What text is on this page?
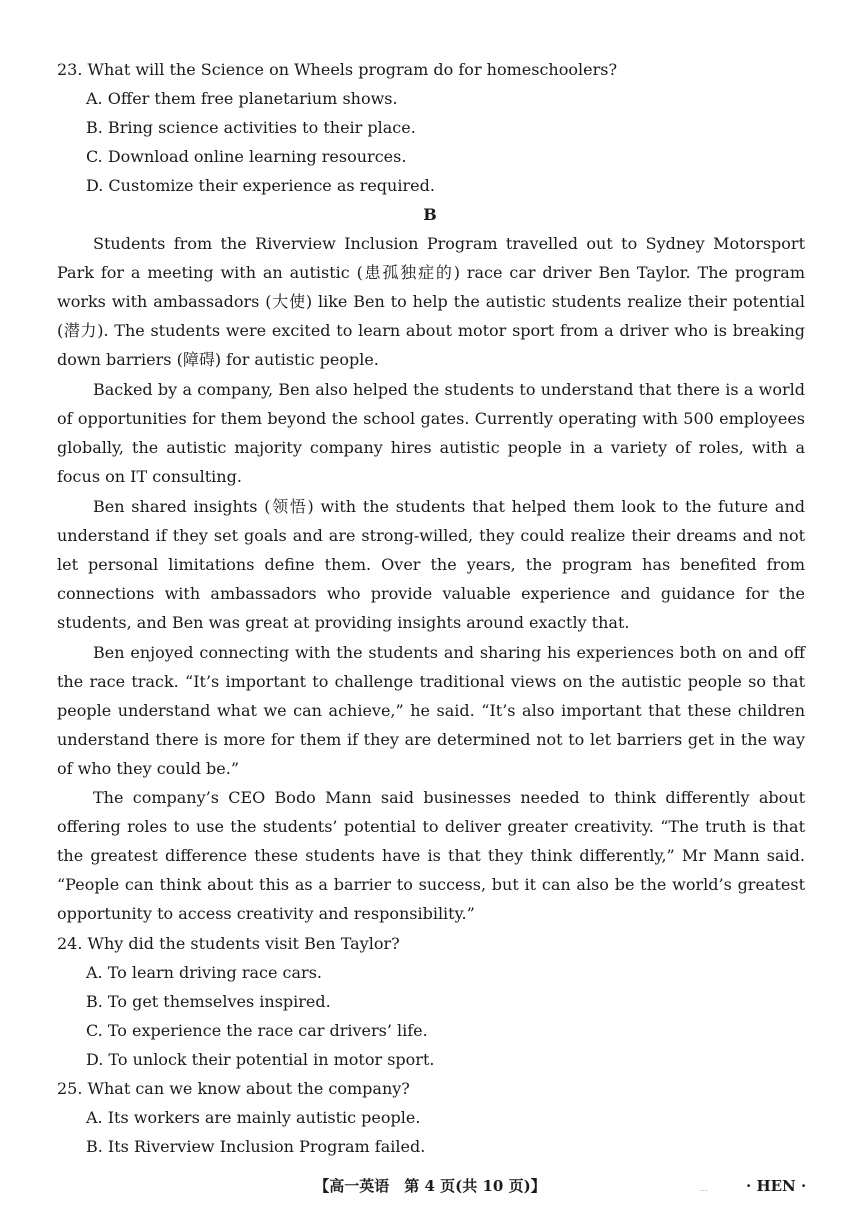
23. What will the Science on Wheels program do for homeschoolers?
A. Offer them free planetarium shows.
B. Bring science activities to their place.
C. Download online learning resources.
D. Customize their experience as required.
B

Students from the Riverview Inclusion Program travelled out to Sydney Motorsport Park for a meeting with an autistic (患孤独症的) race car driver Ben Taylor. The program works with ambassadors (大使) like Ben to help the autistic students realize their potential (潜力). The students were excited to learn about motor sport from a driver who is breaking down barriers (障碍) for autistic people.

Backed by a company, Ben also helped the students to understand that there is a world of opportunities for them beyond the school gates. Currently operating with 500 employees globally, the autistic majority company hires autistic people in a variety of roles, with a focus on IT consulting.

Ben shared insights (领悟) with the students that helped them look to the future and understand if they set goals and are strong-willed, they could realize their dreams and not let personal limitations define them. Over the years, the program has benefited from connections with ambassadors who provide valuable experience and guidance for the students, and Ben was great at providing insights around exactly that.

Ben enjoyed connecting with the students and sharing his experiences both on and off the race track. “It’s important to challenge traditional views on the autistic people so that people understand what we can achieve,” he said. “It’s also important that these children understand there is more for them if they are determined not to let barriers get in the way of who they could be.”

The company’s CEO Bodo Mann said businesses needed to think differently about offering roles to use the students’ potential to deliver greater creativity. “The truth is that the greatest difference these students have is that they think differently,” Mr Mann said. “People can think about this as a barrier to success, but it can also be the world’s greatest opportunity to access creativity and responsibility.”

24. Why did the students visit Ben Taylor?
A. To learn driving race cars.
B. To get themselves inspired.
C. To experience the race car drivers’ life.
D. To unlock their potential in motor sport.
25. What can we know about the company?
A. Its workers are mainly autistic people.
B. Its Riverview Inclusion Program failed.
【高一英语　第 4 页(共 10 页)】	...	· HEN ·
